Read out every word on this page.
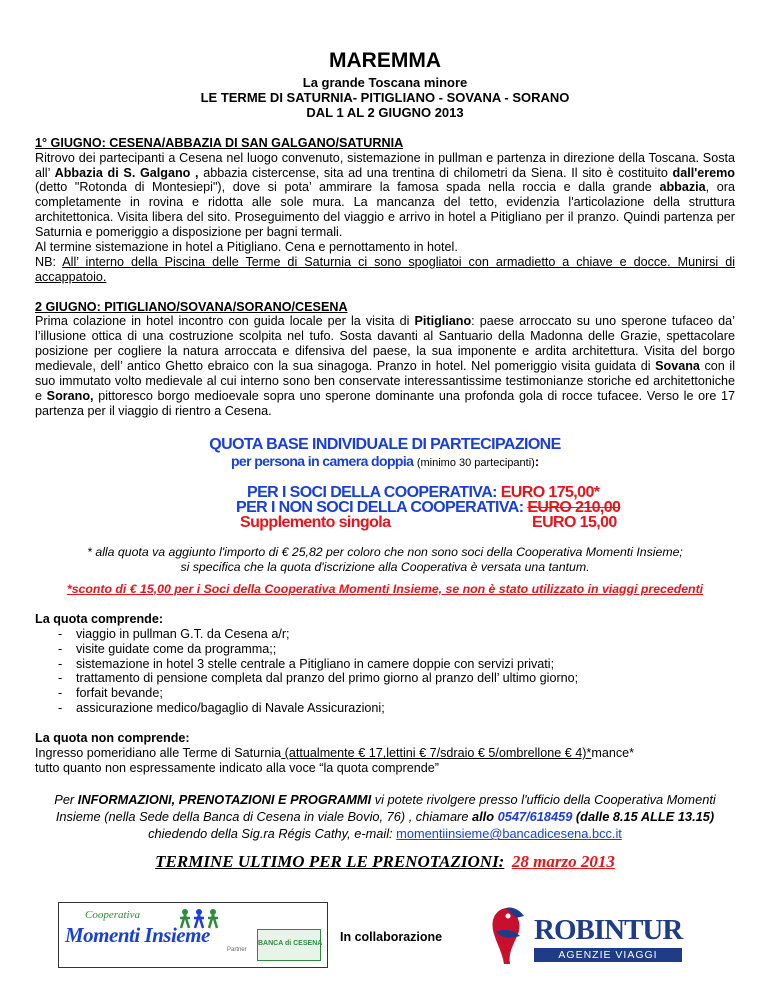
MAREMMA
La grande Toscana minore
LE TERME DI SATURNIA- PITIGLIANO - SOVANA - SORANO
DAL 1 AL 2 GIUGNO 2013
1° GIUGNO: CESENA/ABBAZIA DI SAN GALGANO/SATURNIA
Ritrovo dei partecipanti a Cesena nel luogo convenuto, sistemazione in pullman e partenza in direzione della Toscana. Sosta all’ Abbazia di S. Galgano , abbazia cistercense, sita ad una trentina di chilometri da Siena. Il sito è costituito dall'eremo (detto "Rotonda di Montesiepi"), dove si pota’ ammirare la famosa spada nella roccia e dalla grande abbazia, ora completamente in rovina e ridotta alle sole mura. La mancanza del tetto, evidenzia l'articolazione della struttura architettonica. Visita libera del sito. Proseguimento del viaggio e arrivo in hotel a Pitigliano per il pranzo. Quindi partenza per Saturnia e pomeriggio a disposizione per bagni termali.
Al termine sistemazione in hotel a Pitigliano. Cena e pernottamento in hotel.
NB: All’ interno della Piscina delle Terme di Saturnia ci sono spogliatoi con armadietto a chiave e docce. Munirsi di accappatoio.
2 GIUGNO: PITIGLIANO/SOVANA/SORANO/CESENA
Prima colazione in hotel incontro con guida locale per la visita di Pitigliano: paese arroccato su uno sperone tufaceo da’ l’illusione ottica di una costruzione scolpita nel tufo. Sosta davanti al Santuario della Madonna delle Grazie, spettacolare posizione per cogliere la natura arroccata e difensiva del paese, la sua imponente e ardita architettura. Visita del borgo medievale, dell’ antico Ghetto ebraico con la sua sinagoga. Pranzo in hotel. Nel pomeriggio visita guidata di Sovana con il suo immutato volto medievale al cui interno sono ben conservate interessantissime testimonianze storiche ed architettoniche e Sorano, pittoresco borgo medioevale sopra uno sperone dominante una profonda gola di rocce tufacee. Verso le ore 17 partenza per il viaggio di rientro a Cesena.
QUOTA BASE INDIVIDUALE DI PARTECIPAZIONE
per persona in camera doppia (minimo 30 partecipanti):
PER I SOCI DELLA COOPERATIVA: EURO 175,00*
PER I NON SOCI DELLA COOPERATIVA: EURO 210,00
Supplemento singola	EURO 15,00
* alla quota va aggiunto l'importo di € 25,82 per coloro che non sono soci della Cooperativa Momenti Insieme;
si specifica che la quota d'iscrizione alla Cooperativa è versata una tantum.
*sconto di € 15,00 per i Soci della Cooperativa Momenti Insieme, se non è stato utilizzato in viaggi precedenti
La quota comprende:
- viaggio in pullman G.T. da Cesena a/r;
- visite guidate come da programma;;
- sistemazione in hotel 3 stelle centrale a Pitigliano in camere doppie con servizi privati;
- trattamento di pensione completa dal pranzo del primo giorno al pranzo dell’ ultimo giorno;
- forfait bevande;
- assicurazione medico/bagaglio di Navale Assicurazioni;
La quota non comprende:
Ingresso pomeridiano alle Terme di Saturnia (attualmente € 17,lettini € 7/sdraio € 5/ombrellone € 4)*mance*
tutto quanto non espressamente indicato alla voce “la quota comprende”
Per INFORMAZIONI, PRENOTAZIONI E PROGRAMMI vi potete rivolgere presso l'ufficio della Cooperativa Momenti Insieme (nella Sede della Banca di Cesena in viale Bovio, 76) , chiamare allo 0547/618459 (dalle 8.15 ALLE 13.15) chiedendo della Sig.ra Régis Cathy, e-mail: momentiinsieme@bancadicesena.bcc.it
TERMINE ULTIMO PER LE PRENOTAZIONI: 28 marzo 2013
Cooperativa
Momenti Insieme
Partner
BANCA di CESENA In collaborazione	ROBINTUR
AGENZIE VIAGGI
